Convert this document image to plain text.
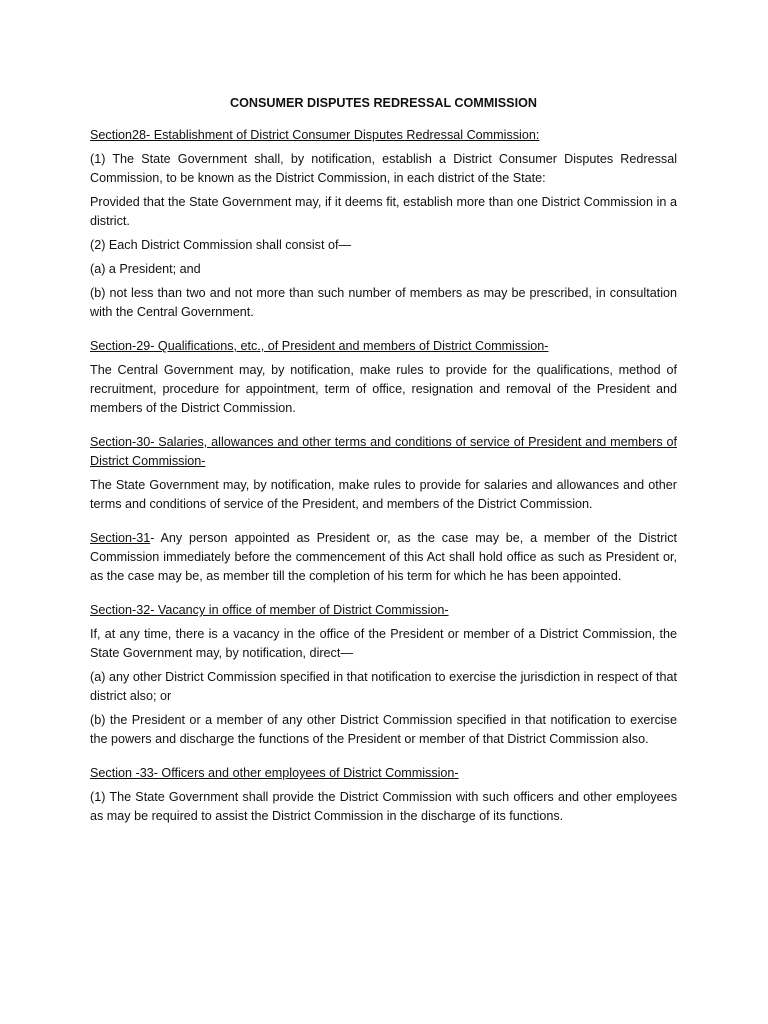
CONSUMER DISPUTES REDRESSAL COMMISSION
Section28- Establishment of District Consumer Disputes Redressal Commission:
(1) The State Government shall, by notification, establish a District Consumer Disputes Redressal Commission, to be known as the District Commission, in each district of the State:
Provided that the State Government may, if it deems fit, establish more than one District Commission in a district.
(2) Each District Commission shall consist of—
(a) a President; and
(b) not less than two and not more than such number of members as may be prescribed, in consultation with the Central Government.
Section-29- Qualifications, etc., of President and members of District Commission-
The Central Government may, by notification, make rules to provide for the qualifications, method of recruitment, procedure for appointment, term of office, resignation and removal of the President and members of the District Commission.
Section-30- Salaries, allowances and other terms and conditions of service of President and members of District Commission-
The State Government may, by notification, make rules to provide for salaries and allowances and other terms and conditions of service of the President, and members of the District Commission.
Section-31- Any person appointed as President or, as the case may be, a member of the District Commission immediately before the commencement of this Act shall hold office as such as President or, as the case may be, as member till the completion of his term for which he has been appointed.
Section-32- Vacancy in office of member of District Commission-
If, at any time, there is a vacancy in the office of the President or member of a District Commission, the State Government may, by notification, direct—
(a) any other District Commission specified in that notification to exercise the jurisdiction in respect of that district also; or
(b) the President or a member of any other District Commission specified in that notification to exercise the powers and discharge the functions of the President or member of that District Commission also.
Section -33- Officers and other employees of District Commission-
(1) The State Government shall provide the District Commission with such officers and other employees as may be required to assist the District Commission in the discharge of its functions.
